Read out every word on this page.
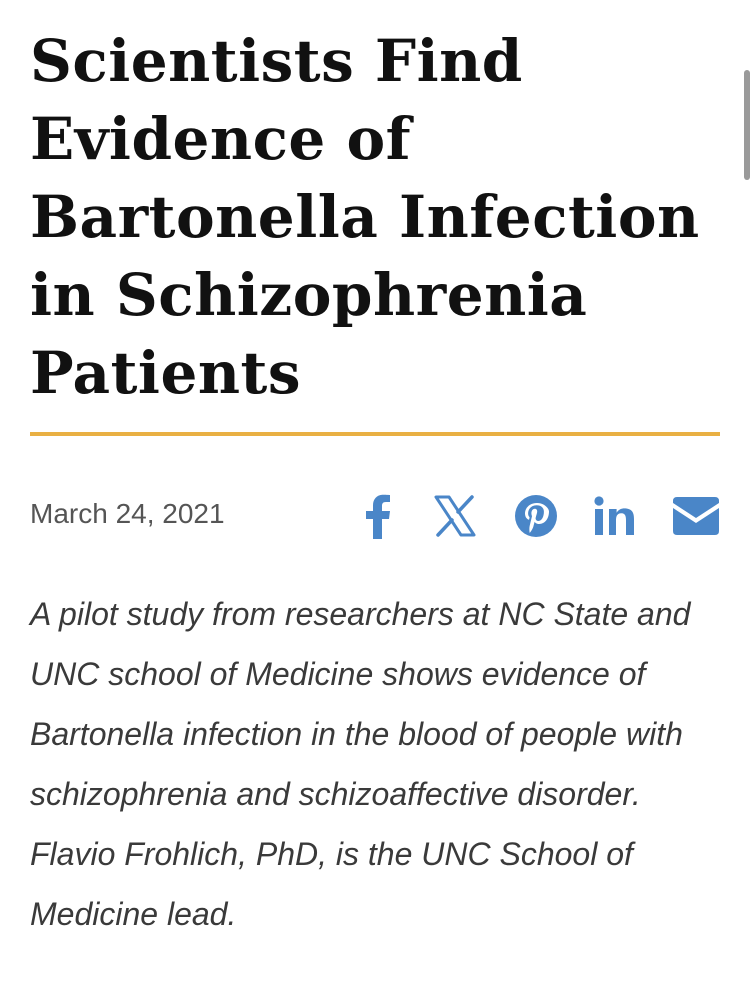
Scientists Find
Evidence of
Bartonella Infection
in Schizophrenia
Patients
March 24, 2021

A pilot study from researchers at NC State and UNC school of Medicine shows evidence of Bartonella infection in the blood of people with schizophrenia and schizoaffective disorder. Flavio Frohlich, PhD, is the UNC School of Medicine lead.
